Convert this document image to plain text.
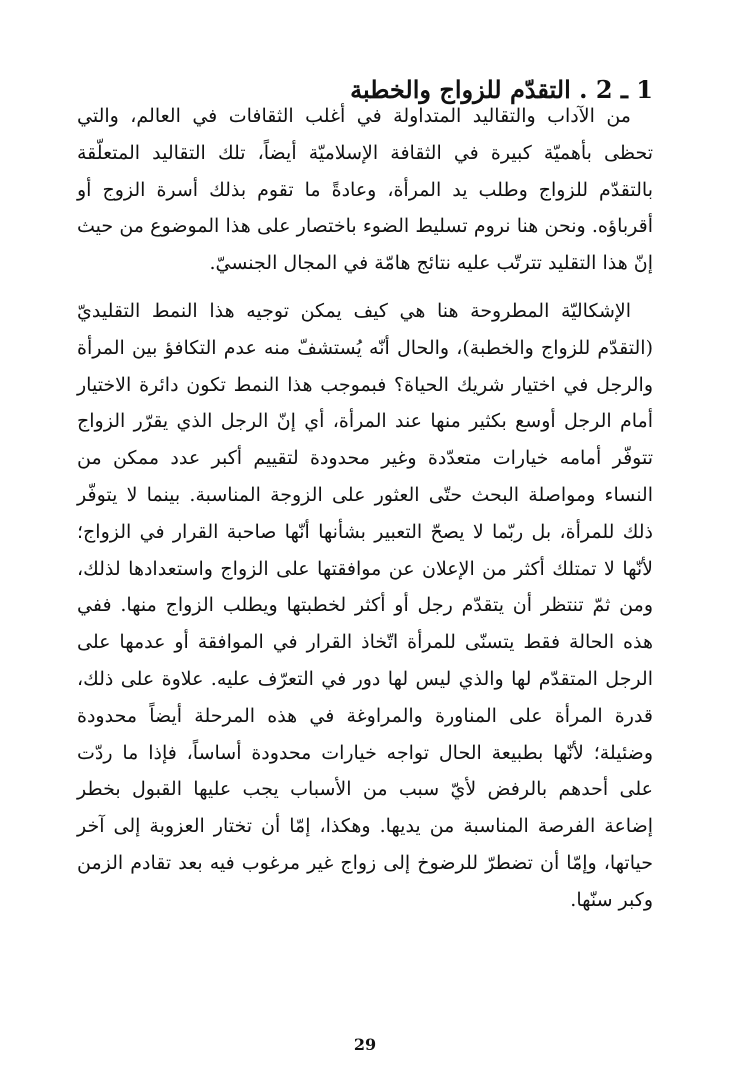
1 ـ 2 . التقدّم للزواج والخطبة

من الآداب والتقاليد المتداولة في أغلب الثقافات في العالم، والتي تحظى بأهميّة كبيرة في الثقافة الإسلاميّة أيضاً، تلك التقاليد المتعلّقة بالتقدّم للزواج وطلب يد المرأة، وعادةً ما تقوم بذلك أسرة الزوج أو أقرباؤه. ونحن هنا نروم تسليط الضوء باختصار على هذا الموضوع من حيث إنّ هذا التقليد تترتّب عليه نتائج هامّة في المجال الجنسيّ.

الإشكاليّة المطروحة هنا هي كيف يمكن توجيه هذا النمط التقليديّ (التقدّم للزواج والخطبة)، والحال أنّه يُستشفّ منه عدم التكافؤ بين المرأة والرجل في اختيار شريك الحياة؟ فبموجب هذا النمط تكون دائرة الاختيار أمام الرجل أوسع بكثير منها عند المرأة، أي إنّ الرجل الذي يقرّر الزواج تتوفّر أمامه خيارات متعدّدة وغير محدودة لتقييم أكبر عدد ممكن من النساء ومواصلة البحث حتّى العثور على الزوجة المناسبة. بينما لا يتوفّر ذلك للمرأة، بل ربّما لا يصحّ التعبير بشأنها أنّها صاحبة القرار في الزواج؛ لأنّها لا تمتلك أكثر من الإعلان عن موافقتها على الزواج واستعدادها لذلك، ومن ثمّ تنتظر أن يتقدّم رجل أو أكثر لخطبتها ويطلب الزواج منها. ففي هذه الحالة فقط يتسنّى للمرأة اتّخاذ القرار في الموافقة أو عدمها على الرجل المتقدّم لها والذي ليس لها دور في التعرّف عليه. علاوة على ذلك، قدرة المرأة على المناورة والمراوغة في هذه المرحلة أيضاً محدودة وضئيلة؛ لأنّها بطبيعة الحال تواجه خيارات محدودة أساساً، فإذا ما ردّت على أحدهم بالرفض لأيّ سبب من الأسباب يجب عليها القبول بخطر إضاعة الفرصة المناسبة من يديها. وهكذا، إمّا أن تختار العزوبة إلى آخر حياتها، وإمّا أن تضطرّ للرضوخ إلى زواج غير مرغوب فيه بعد تقادم الزمن وكبر سنّها.

29
